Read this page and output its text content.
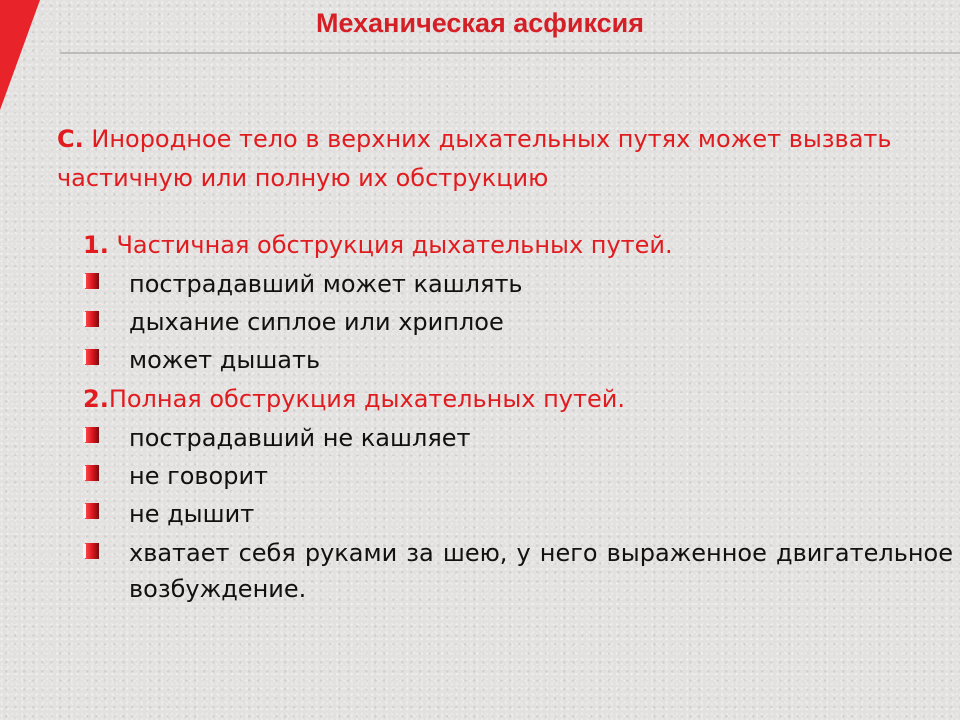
Механическая асфиксия
С. Инородное тело в верхних дыхательных путях может вызвать частичную или полную их обструкцию
1. Частичная обструкция дыхательных путей.
пострадавший может кашлять
дыхание сиплое или хриплое
может дышать
2.Полная обструкция дыхательных путей.
пострадавший не кашляет
не говорит
не дышит
хватает себя руками за шею, у него выраженное двигательное возбуждение.
